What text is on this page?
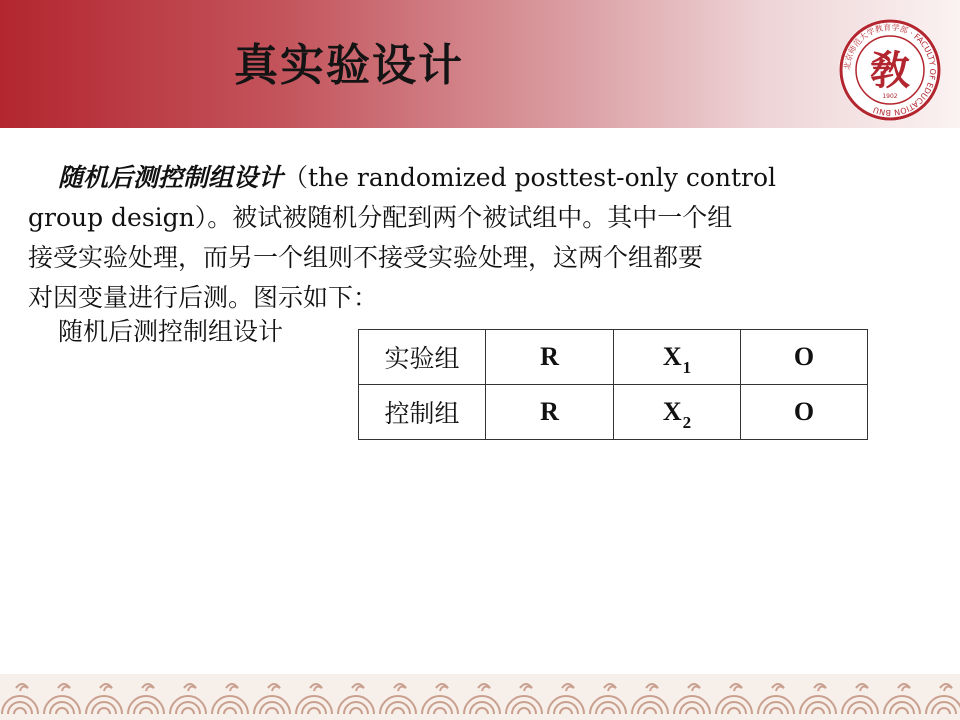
真实验设计	北京师范大学教育学部 · FACULTY OF EDUCATION BNU
敎
1902

随机后测控制组设计（the randomized posttest-only control
group design）。被试被随机分配到两个被试组中。其中一个组
接受实验处理，而另一个组则不接受实验处理，这两个组都要
对因变量进行后测。图示如下：

随机后测控制组设计
实验组	R	$X_1$	O
控制组	R	$X_2$	O
